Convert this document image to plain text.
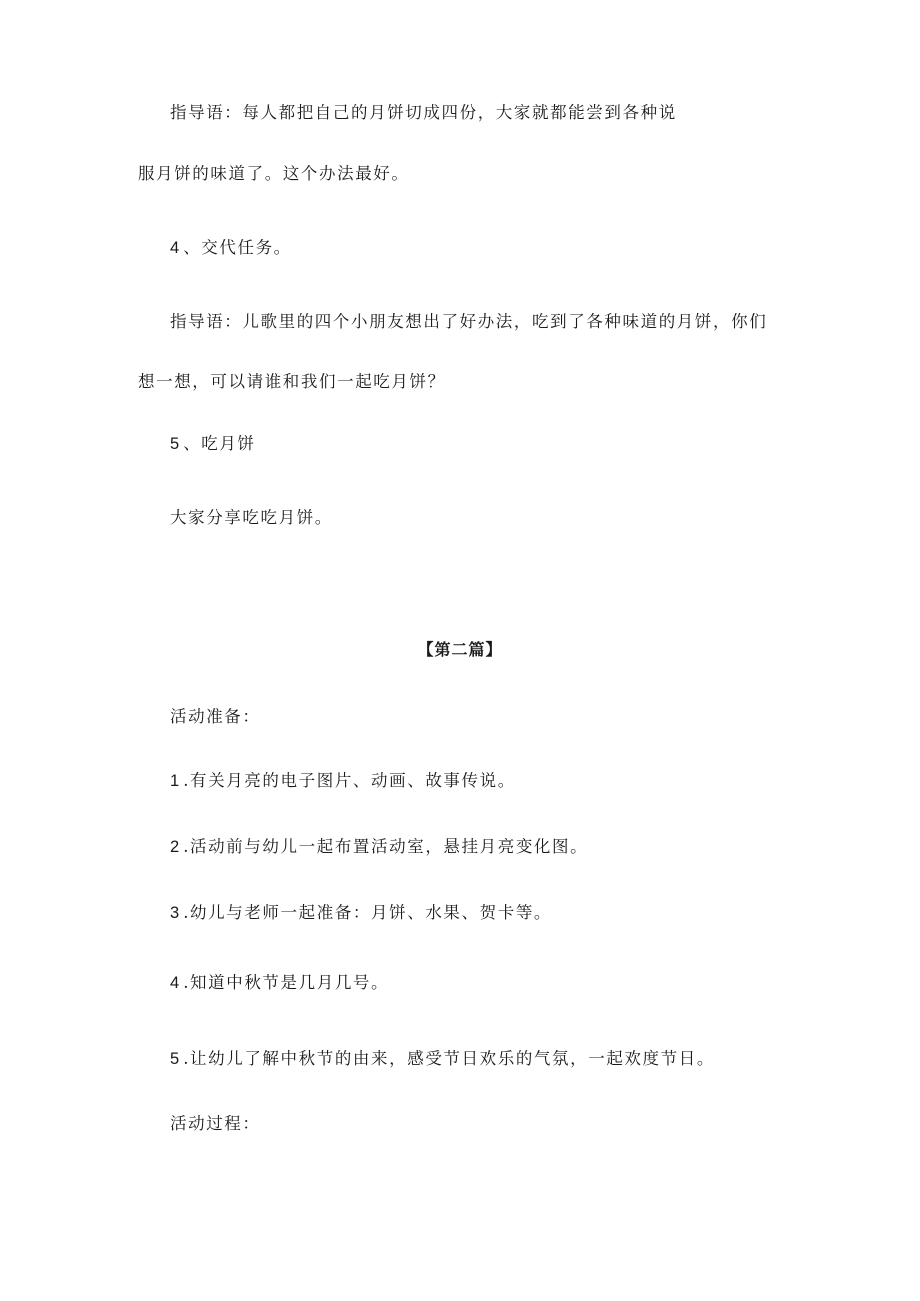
指导语：每人都把自己的月饼切成四份，大家就都能尝到各种说
服月饼的味道了。这个办法最好。
4 、交代任务。
指导语：儿歌里的四个小朋友想出了好办法，吃到了各种味道的月饼，你们
想一想，可以请谁和我们一起吃月饼？
5 、吃月饼
大家分享吃吃月饼。
【第二篇】
活动准备：
1 .有关月亮的电子图片、动画、故事传说。
2 .活动前与幼儿一起布置活动室，悬挂月亮变化图。
3 .幼儿与老师一起准备：月饼、水果、贺卡等。
4 .知道中秋节是几月几号。
5 .让幼儿了解中秋节的由来，感受节日欢乐的气氛，一起欢度节日。
活动过程：
